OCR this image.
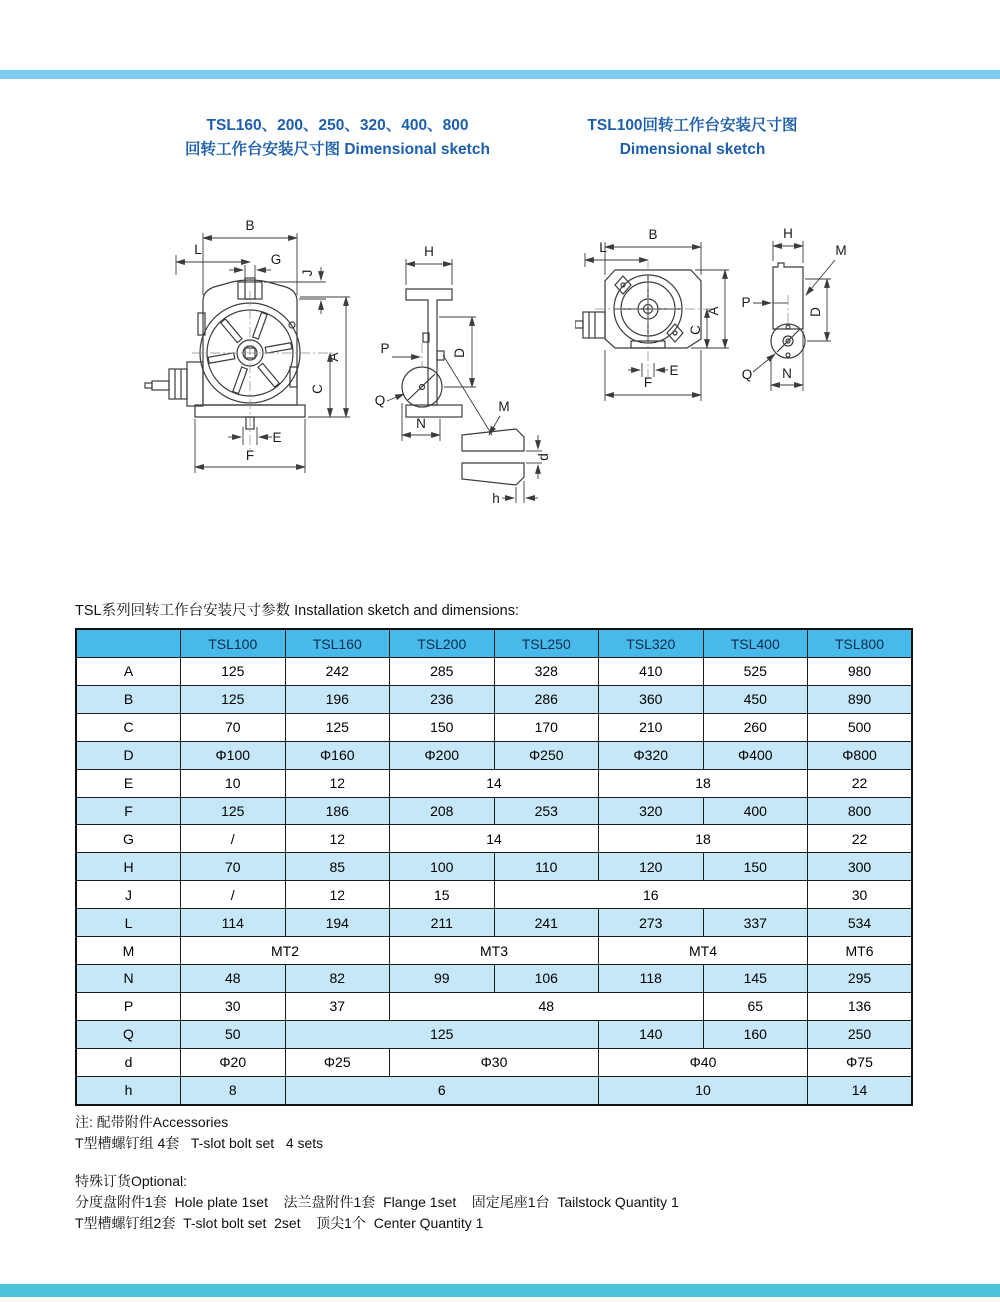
TSL160、200、250、320、400、800
回转工作台安装尺寸图 Dimensional sketch
TSL100回转工作台安装尺寸图
Dimensional sketch
B
L
G
J
A
C
E
F
H
P
Q
N
D
M
d
h
B
L
A
C
E
F
H
M
P
D
Q N
TSL系列回转工作台安装尺寸参数 Installation sketch and dimensions:
	TSL100	TSL160	TSL200	TSL250	TSL320	TSL400	TSL800
A	125	242	285	328	410	525	980
B	125	196	236	286	360	450	890
C	70	125	150	170	210	260	500
D	Φ100	Φ160	Φ200	Φ250	Φ320	Φ400	Φ800
E	10	12	14		18		22
F	125	186	208	253	320	400	800
G	/	12	14		18		22
H	70	85	100	110	120	150	300
J	/	12	15	16			30
L	114	194	211	241	273	337	534
M	MT2		MT3		MT4		MT6
N	48	82	99	106	118	145	295
P	30	37	48			65	136
Q	50	125			140	160	250
d	Φ20	Φ25	Φ30		Φ40		Φ75
h	8	6			10		14
注: 配带附件Accessories
T型槽螺钉组 4套   T-slot bolt set   4 sets
特殊订货Optional:
分度盘附件1套  Hole plate 1set    法兰盘附件1套  Flange 1set    固定尾座1台  Tailstock Quantity 1
T型槽螺钉组2套  T-slot bolt set  2set    顶尖1个  Center Quantity 1
